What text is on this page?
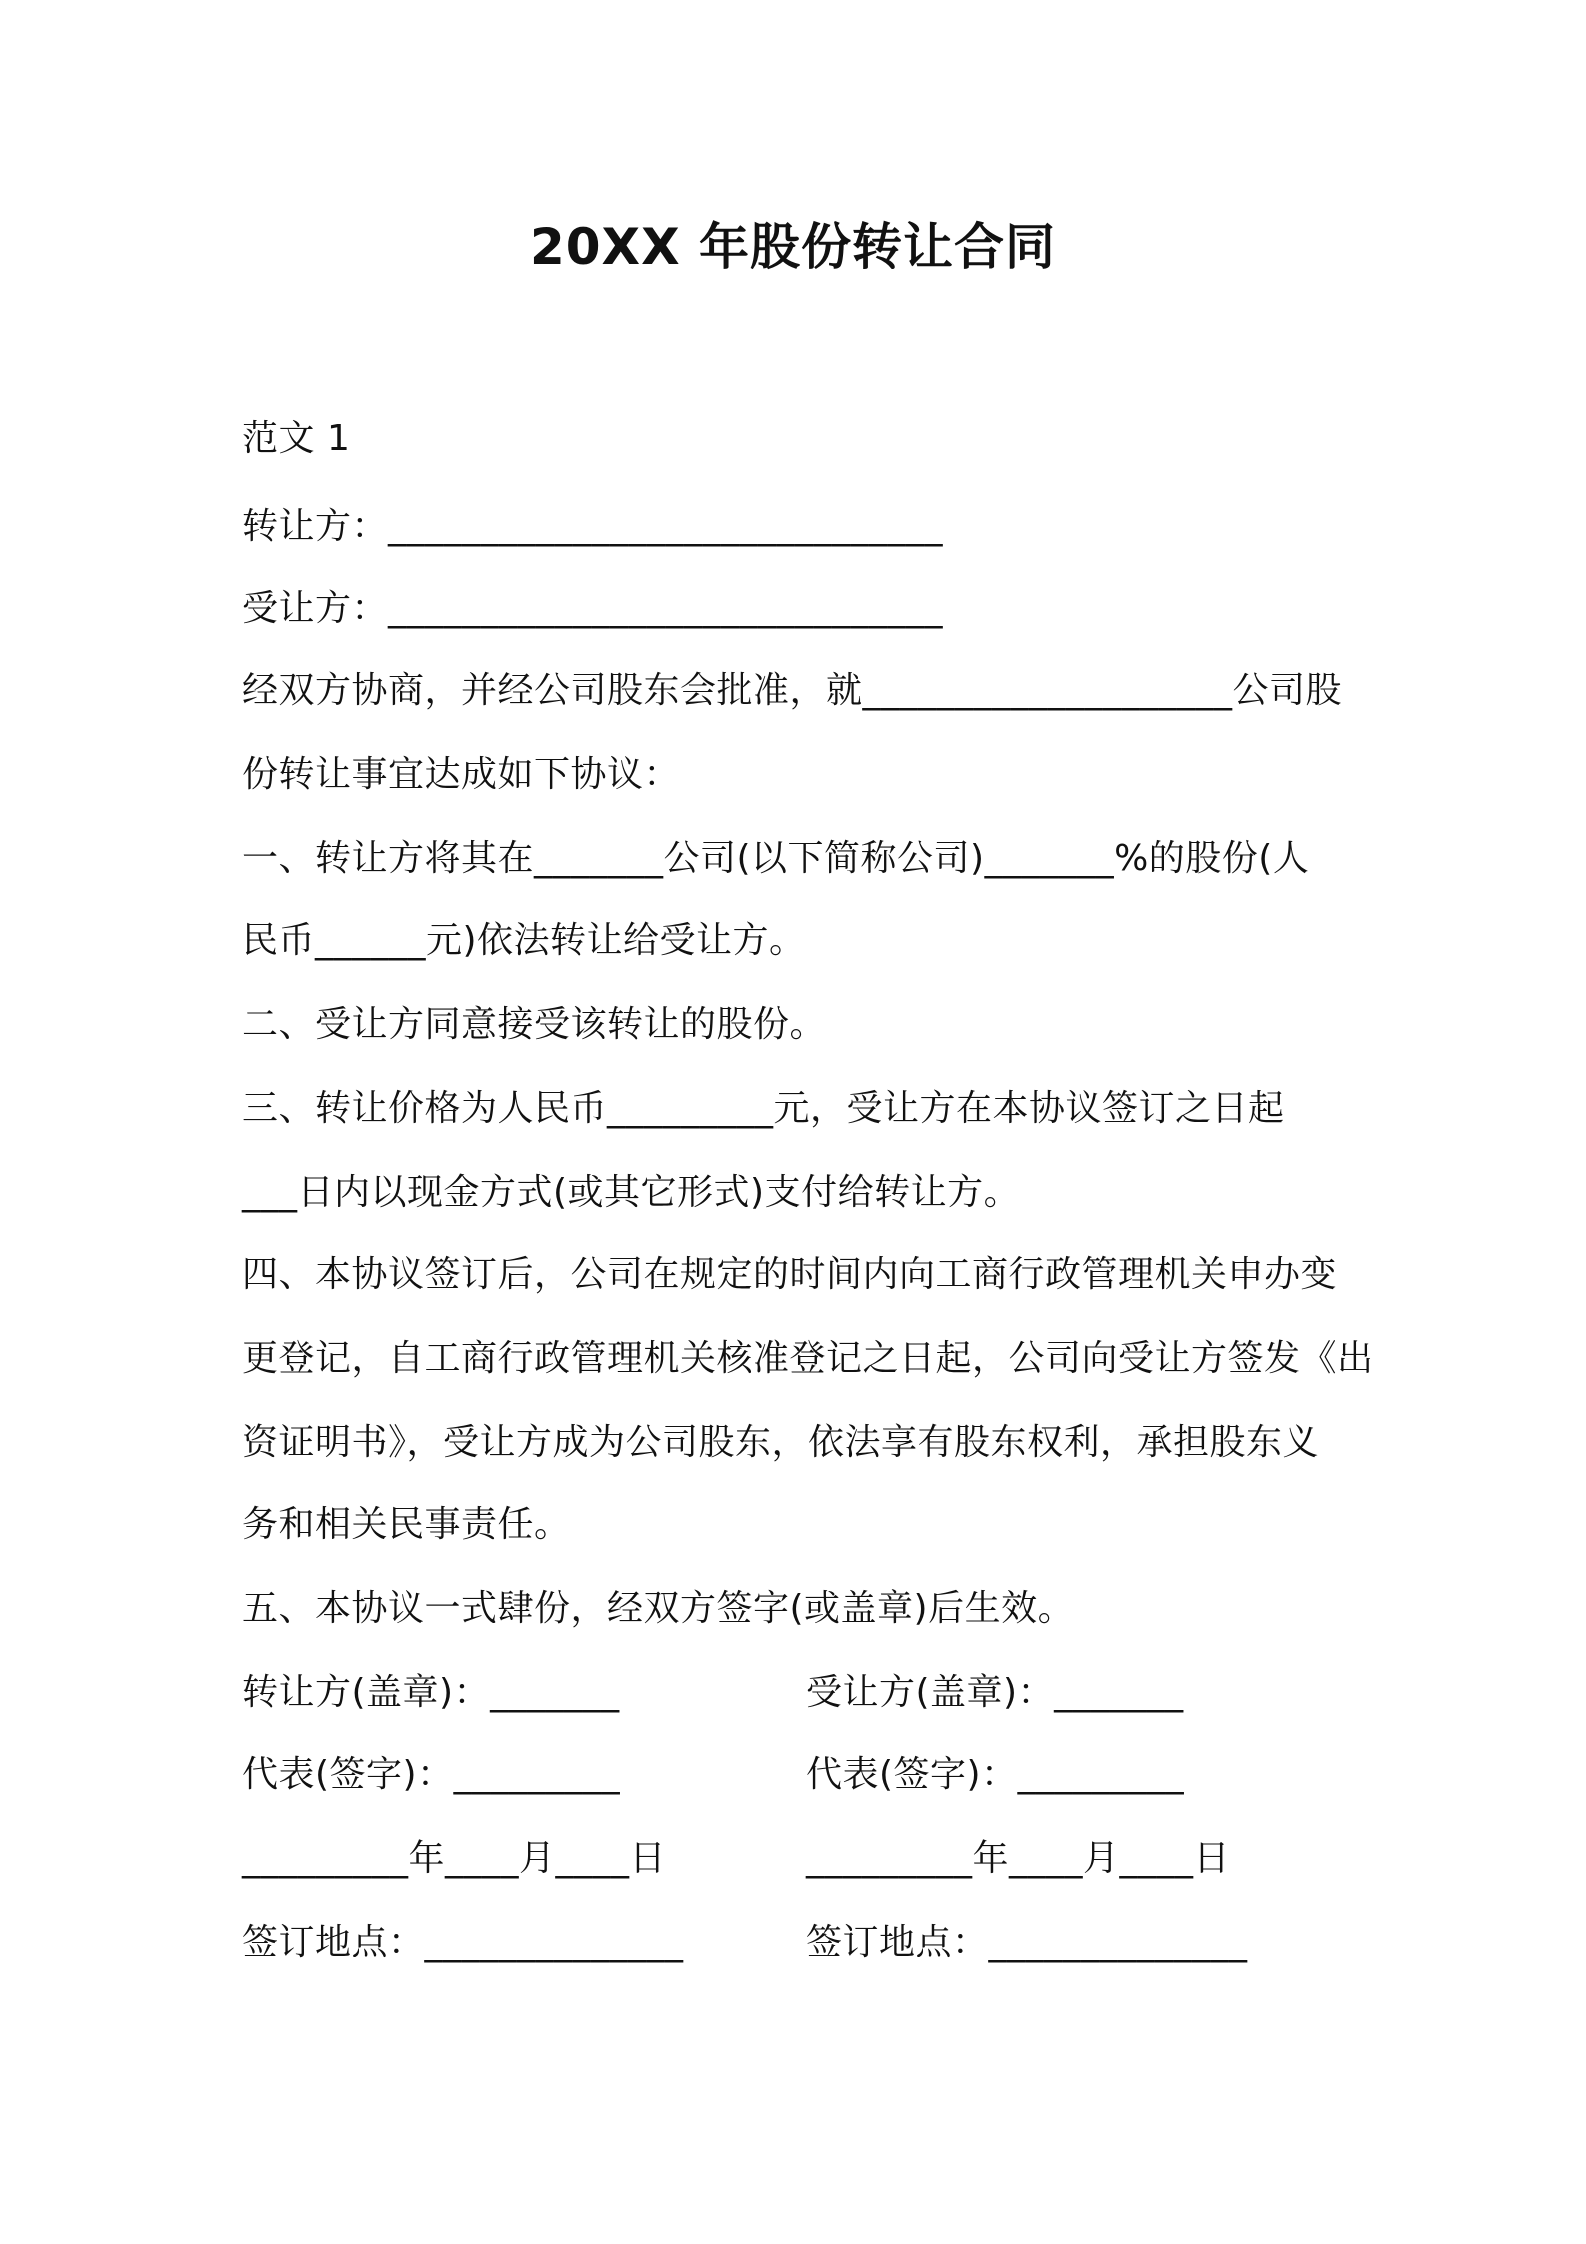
20XX 年股份转让合同
范文 1
转让方：______________________________
受让方：______________________________
经双方协商，并经公司股东会批准，就____________________公司股
份转让事宜达成如下协议：
一、转让方将其在_______公司(以下简称公司)_______%的股份(人
民币______元)依法转让给受让方。
二、受让方同意接受该转让的股份。
三、转让价格为人民币_________元，受让方在本协议签订之日起
___日内以现金方式(或其它形式)支付给转让方。
四、本协议签订后，公司在规定的时间内向工商行政管理机关申办变
更登记，自工商行政管理机关核准登记之日起，公司向受让方签发《出
资证明书》，受让方成为公司股东，依法享有股东权利，承担股东义
务和相关民事责任。
五、本协议一式肆份，经双方签字(或盖章)后生效。
转让方(盖章)：_______	受让方(盖章)：_______
代表(签字)：_________	代表(签字)：_________
_________年____月____日	_________年____月____日
签订地点：______________	签订地点：______________
